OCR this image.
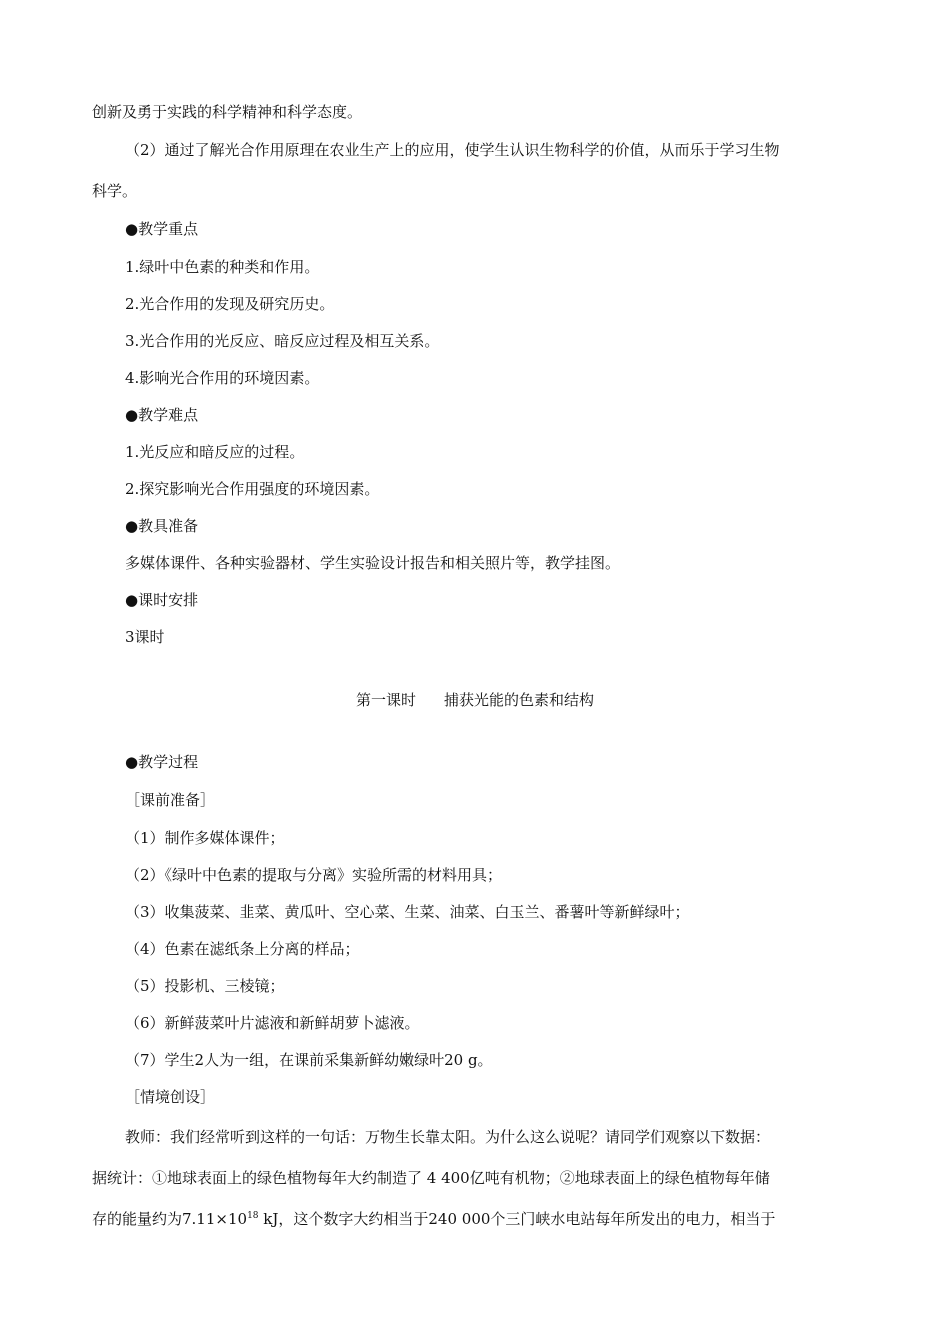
创新及勇于实践的科学精神和科学态度。
（2）通过了解光合作用原理在农业生产上的应用，使学生认识生物科学的价值，从而乐于学习生物
科学。
●教学重点
1.绿叶中色素的种类和作用。
2.光合作用的发现及研究历史。
3.光合作用的光反应、暗反应过程及相互关系。
4.影响光合作用的环境因素。
●教学难点
1.光反应和暗反应的过程。
2.探究影响光合作用强度的环境因素。
●教具准备
多媒体课件、各种实验器材、学生实验设计报告和相关照片等，教学挂图。
●课时安排
3课时
第一课时 捕获光能的色素和结构
●教学过程
［课前准备］
（1）制作多媒体课件；
（2）《绿叶中色素的提取与分离》实验所需的材料用具；
（3）收集菠菜、韭菜、黄瓜叶、空心菜、生菜、油菜、白玉兰、番薯叶等新鲜绿叶；
（4）色素在滤纸条上分离的样品；
（5）投影机、三棱镜；
（6）新鲜菠菜叶片滤液和新鲜胡萝卜滤液。
（7）学生2人为一组，在课前采集新鲜幼嫩绿叶20 g。
［情境创设］
教师：我们经常听到这样的一句话：万物生长靠太阳。为什么这么说呢？请同学们观察以下数据：
据统计：①地球表面上的绿色植物每年大约制造了 4 400亿吨有机物；②地球表面上的绿色植物每年储
存的能量约为$7.11\times 10^{18}$ kJ，这个数字大约相当于240 000个三门峡水电站每年所发出的电力，相当于
